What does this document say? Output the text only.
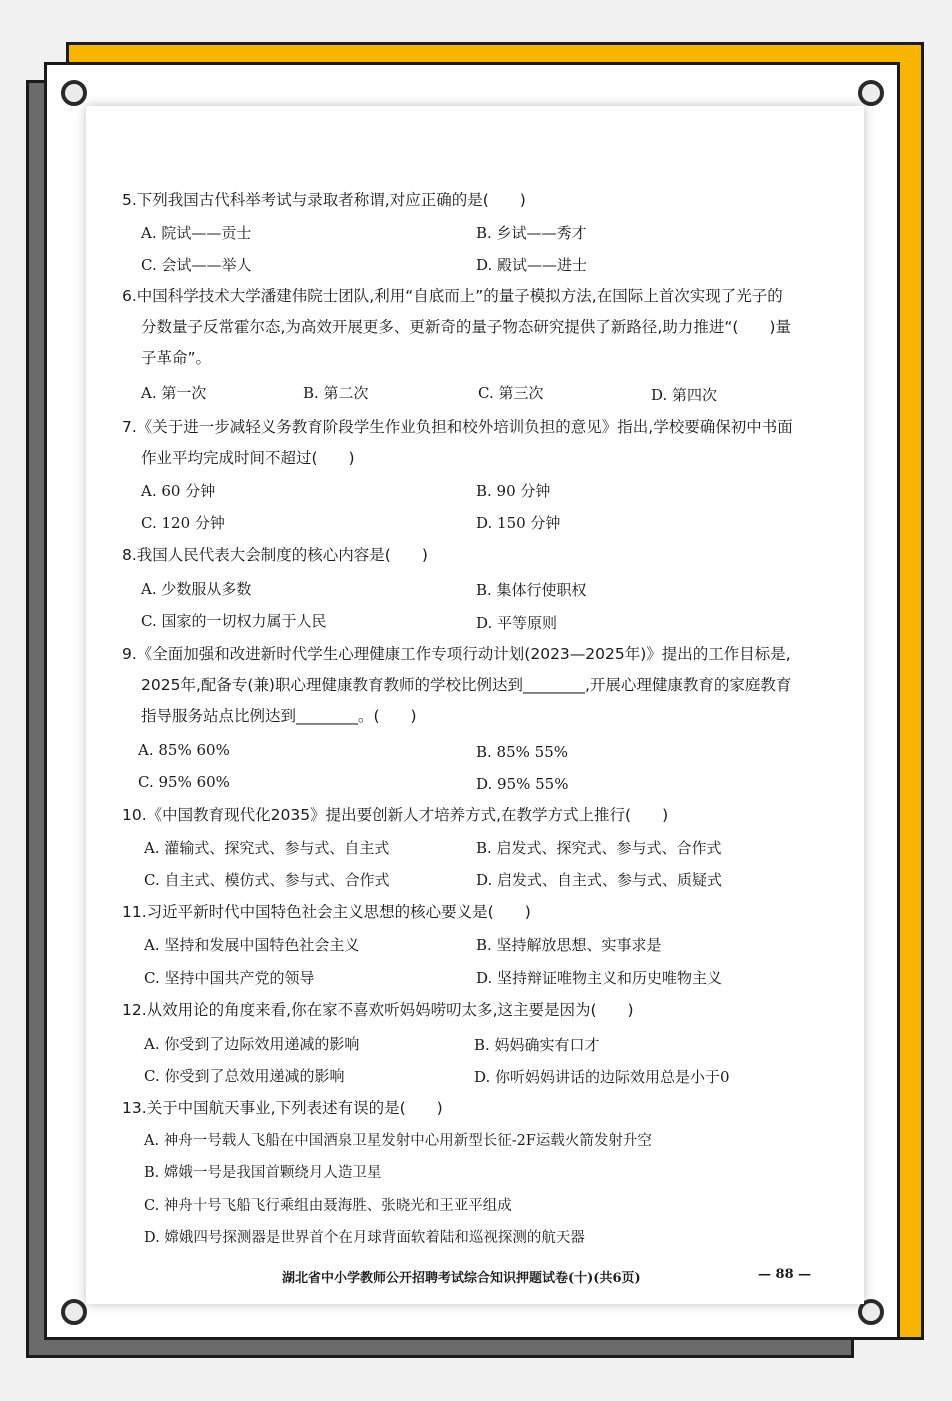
5.下列我国古代科举考试与录取者称谓,对应正确的是(　　)
A. 院试——贡士	B. 乡试——秀才
C. 会试——举人	D. 殿试——进士
6.中国科学技术大学潘建伟院士团队,利用“自底而上”的量子模拟方法,在国际上首次实现了光子的
分数量子反常霍尔态,为高效开展更多、更新奇的量子物态研究提供了新路径,助力推进“(　　)量
子革命”。
A. 第一次	B. 第二次	C. 第三次	D. 第四次
7.《关于进一步减轻义务教育阶段学生作业负担和校外培训负担的意见》指出,学校要确保初中书面
作业平均完成时间不超过(　　)
A. 60 分钟	B. 90 分钟
C. 120 分钟	D. 150 分钟
8.我国人民代表大会制度的核心内容是(　　)
A. 少数服从多数	B. 集体行使职权
C. 国家的一切权力属于人民	D. 平等原则
9.《全面加强和改进新时代学生心理健康工作专项行动计划(2023—2025年)》提出的工作目标是,
2025年,配备专(兼)职心理健康教育教师的学校比例达到________,开展心理健康教育的家庭教育
指导服务站点比例达到________。(　　)
A. 85% 60%	B. 85% 55%
C. 95% 60%	D. 95% 55%
10.《中国教育现代化2035》提出要创新人才培养方式,在教学方式上推行(　　)
A. 灌输式、探究式、参与式、自主式	B. 启发式、探究式、参与式、合作式
C. 自主式、模仿式、参与式、合作式	D. 启发式、自主式、参与式、质疑式
11.习近平新时代中国特色社会主义思想的核心要义是(　　)
A. 坚持和发展中国特色社会主义	B. 坚持解放思想、实事求是
C. 坚持中国共产党的领导	D. 坚持辩证唯物主义和历史唯物主义
12.从效用论的角度来看,你在家不喜欢听妈妈唠叨太多,这主要是因为(　　)
A. 你受到了边际效用递减的影响	B. 妈妈确实有口才
C. 你受到了总效用递减的影响	D. 你听妈妈讲话的边际效用总是小于0
13.关于中国航天事业,下列表述有误的是(　　)
A. 神舟一号载人飞船在中国酒泉卫星发射中心用新型长征-2F运载火箭发射升空
B. 嫦娥一号是我国首颗绕月人造卫星
C. 神舟十号飞船飞行乘组由聂海胜、张晓光和王亚平组成
D. 嫦娥四号探测器是世界首个在月球背面软着陆和巡视探测的航天器
湖北省中小学教师公开招聘考试综合知识押题试卷(十)(共6页)	— 88 —
